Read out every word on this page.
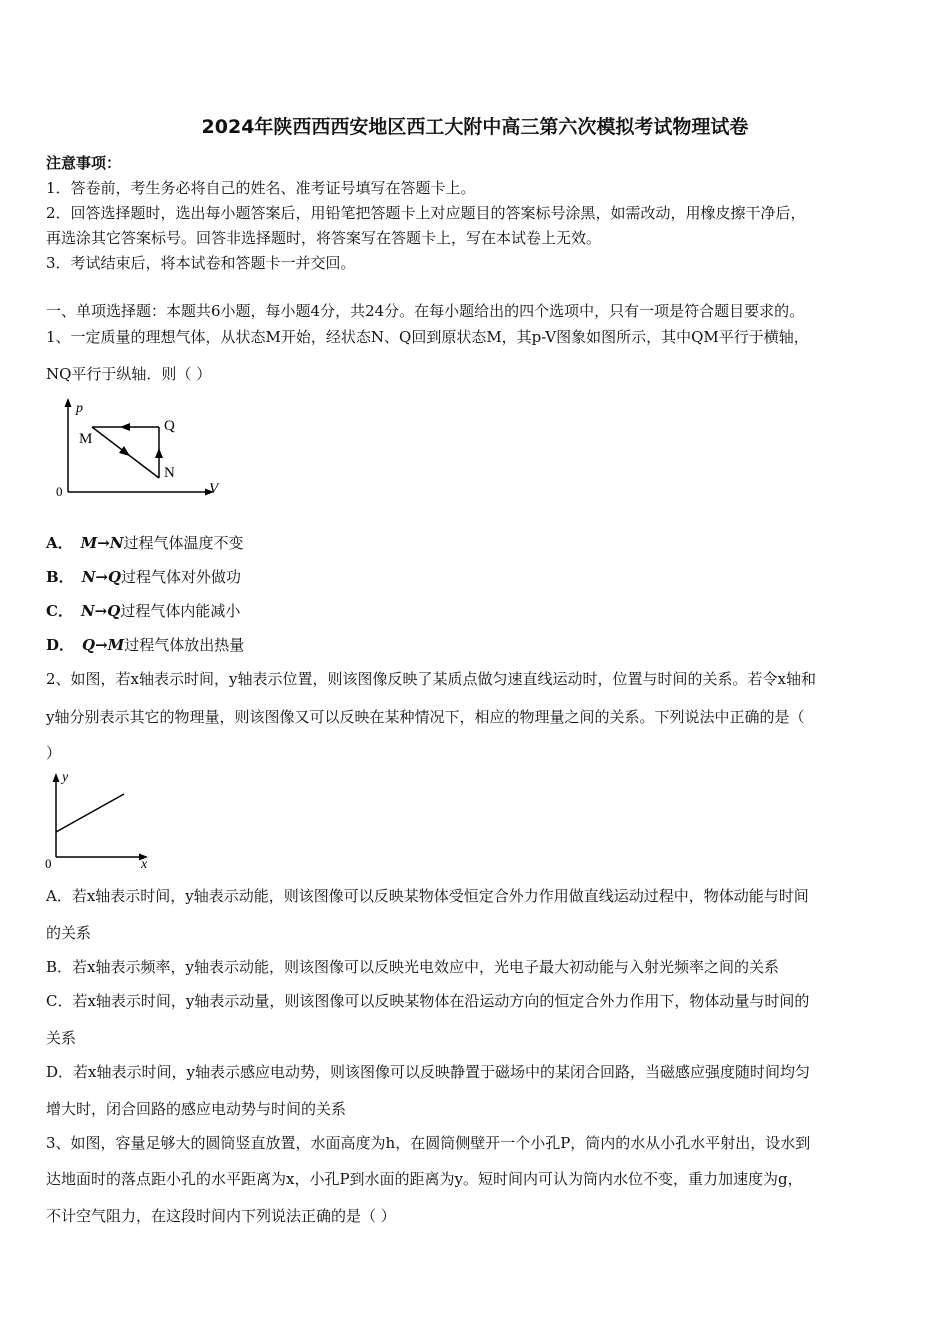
2024年陕西西西安地区西工大附中高三第六次模拟考试物理试卷
注意事项：
1．答卷前，考生务必将自己的姓名、准考证号填写在答题卡上。
2．回答选择题时，选出每小题答案后，用铅笔把答题卡上对应题目的答案标号涂黑，如需改动，用橡皮擦干净后，
再选涂其它答案标号。回答非选择题时，将答案写在答题卡上，写在本试卷上无效。
3．考试结束后，将本试卷和答题卡一并交回。
一、单项选择题：本题共6小题，每小题4分，共24分。在每小题给出的四个选项中，只有一项是符合题目要求的。
1、一定质量的理想气体，从状态M开始，经状态N、Q回到原状态M，其p-V图象如图所示，其中QM平行于横轴，
NQ平行于纵轴．则（ ）
p
V
0
M
Q
N
A． M→N过程气体温度不变
B． N→Q过程气体对外做功
C． N→Q过程气体内能减小
D． Q→M过程气体放出热量
2、如图，若x轴表示时间，y轴表示位置，则该图像反映了某质点做匀速直线运动时，位置与时间的关系。若令x轴和
y轴分别表示其它的物理量，则该图像又可以反映在某种情况下，相应的物理量之间的关系。下列说法中正确的是（
）
y
x
0
A．若x轴表示时间，y轴表示动能，则该图像可以反映某物体受恒定合外力作用做直线运动过程中，物体动能与时间
的关系
B．若x轴表示频率，y轴表示动能，则该图像可以反映光电效应中，光电子最大初动能与入射光频率之间的关系
C．若x轴表示时间，y轴表示动量，则该图像可以反映某物体在沿运动方向的恒定合外力作用下，物体动量与时间的
关系
D．若x轴表示时间，y轴表示感应电动势，则该图像可以反映静置于磁场中的某闭合回路，当磁感应强度随时间均匀
增大时，闭合回路的感应电动势与时间的关系
3、如图，容量足够大的圆筒竖直放置，水面高度为h，在圆筒侧壁开一个小孔P，筒内的水从小孔水平射出，设水到
达地面时的落点距小孔的水平距离为x，小孔P到水面的距离为y。短时间内可认为筒内水位不变，重力加速度为g，
不计空气阻力，在这段时间内下列说法正确的是（ ）
